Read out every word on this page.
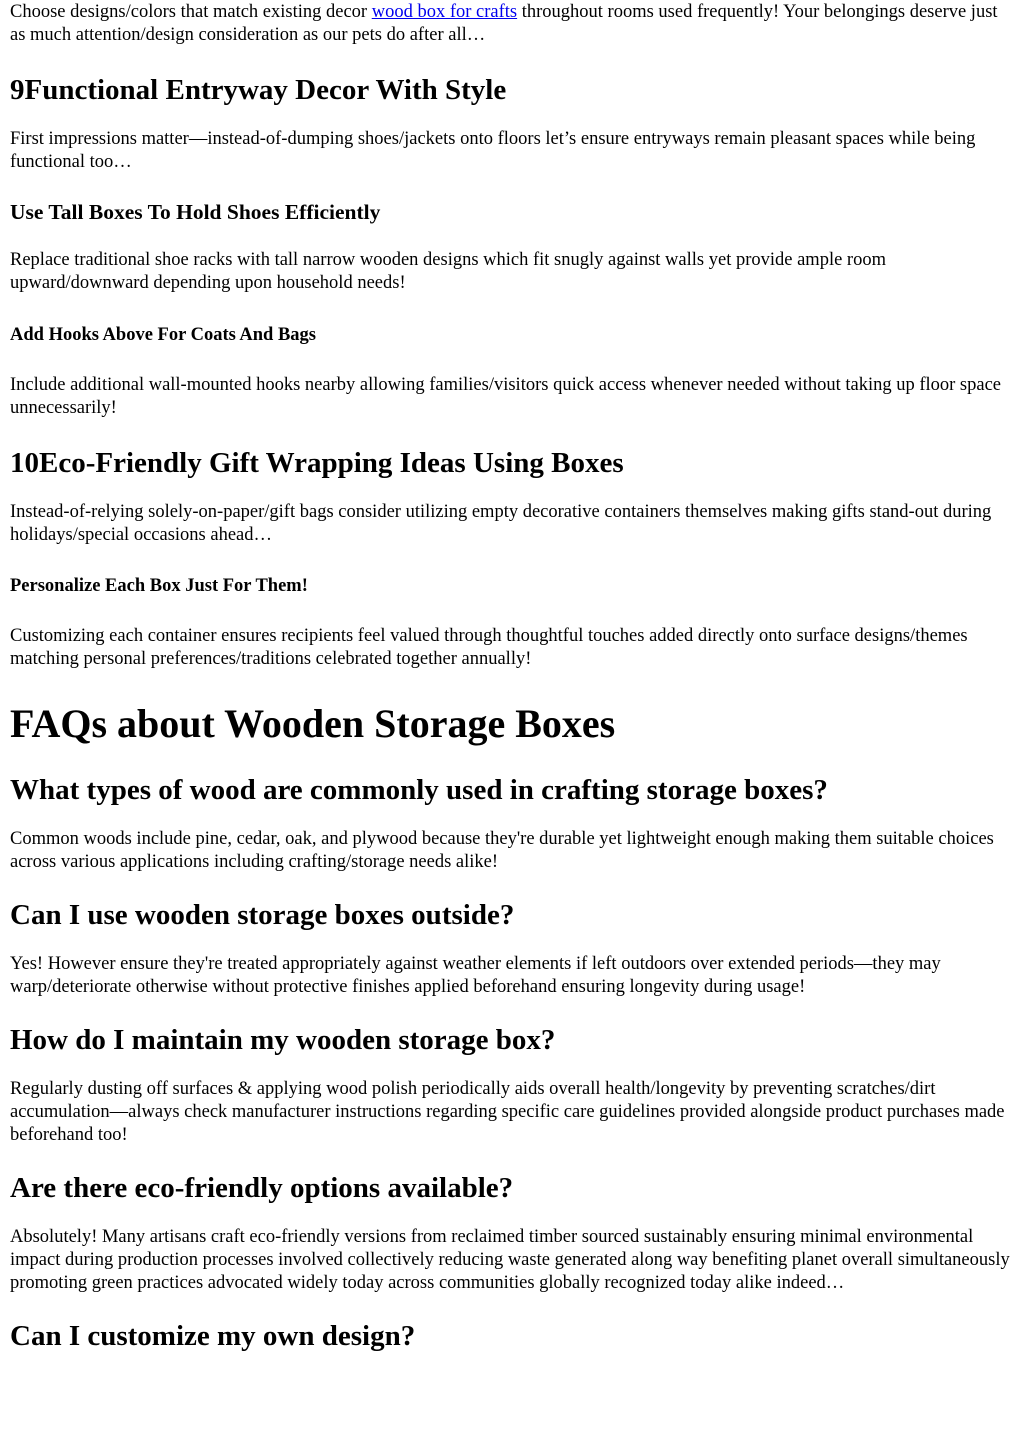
Choose designs/colors that match existing decor wood box for crafts throughout rooms used frequently! Your belongings deserve just as much attention/design consideration as our pets do after all…

9Functional Entryway Decor With Style

First impressions matter—instead-of-dumping shoes/jackets onto floors let’s ensure entryways remain pleasant spaces while being functional too…

Use Tall Boxes To Hold Shoes Efficiently

Replace traditional shoe racks with tall narrow wooden designs which fit snugly against walls yet provide ample room upward/downward depending upon household needs!

Add Hooks Above For Coats And Bags

Include additional wall-mounted hooks nearby allowing families/visitors quick access whenever needed without taking up floor space unnecessarily!

10Eco-Friendly Gift Wrapping Ideas Using Boxes

Instead-of-relying solely-on-paper/gift bags consider utilizing empty decorative containers themselves making gifts stand-out during holidays/special occasions ahead…

Personalize Each Box Just For Them!

Customizing each container ensures recipients feel valued through thoughtful touches added directly onto surface designs/themes matching personal preferences/traditions celebrated together annually!

FAQs about Wooden Storage Boxes
What types of wood are commonly used in crafting storage boxes?

Common woods include pine, cedar, oak, and plywood because they're durable yet lightweight enough making them suitable choices across various applications including crafting/storage needs alike!

Can I use wooden storage boxes outside?

Yes! However ensure they're treated appropriately against weather elements if left outdoors over extended periods—they may warp/deteriorate otherwise without protective finishes applied beforehand ensuring longevity during usage!

How do I maintain my wooden storage box?

Regularly dusting off surfaces & applying wood polish periodically aids overall health/longevity by preventing scratches/dirt accumulation—always check manufacturer instructions regarding specific care guidelines provided alongside product purchases made beforehand too!

Are there eco-friendly options available?

Absolutely! Many artisans craft eco-friendly versions from reclaimed timber sourced sustainably ensuring minimal environmental impact during production processes involved collectively reducing waste generated along way benefiting planet overall simultaneously promoting green practices advocated widely today across communities globally recognized today alike indeed…

Can I customize my own design?
